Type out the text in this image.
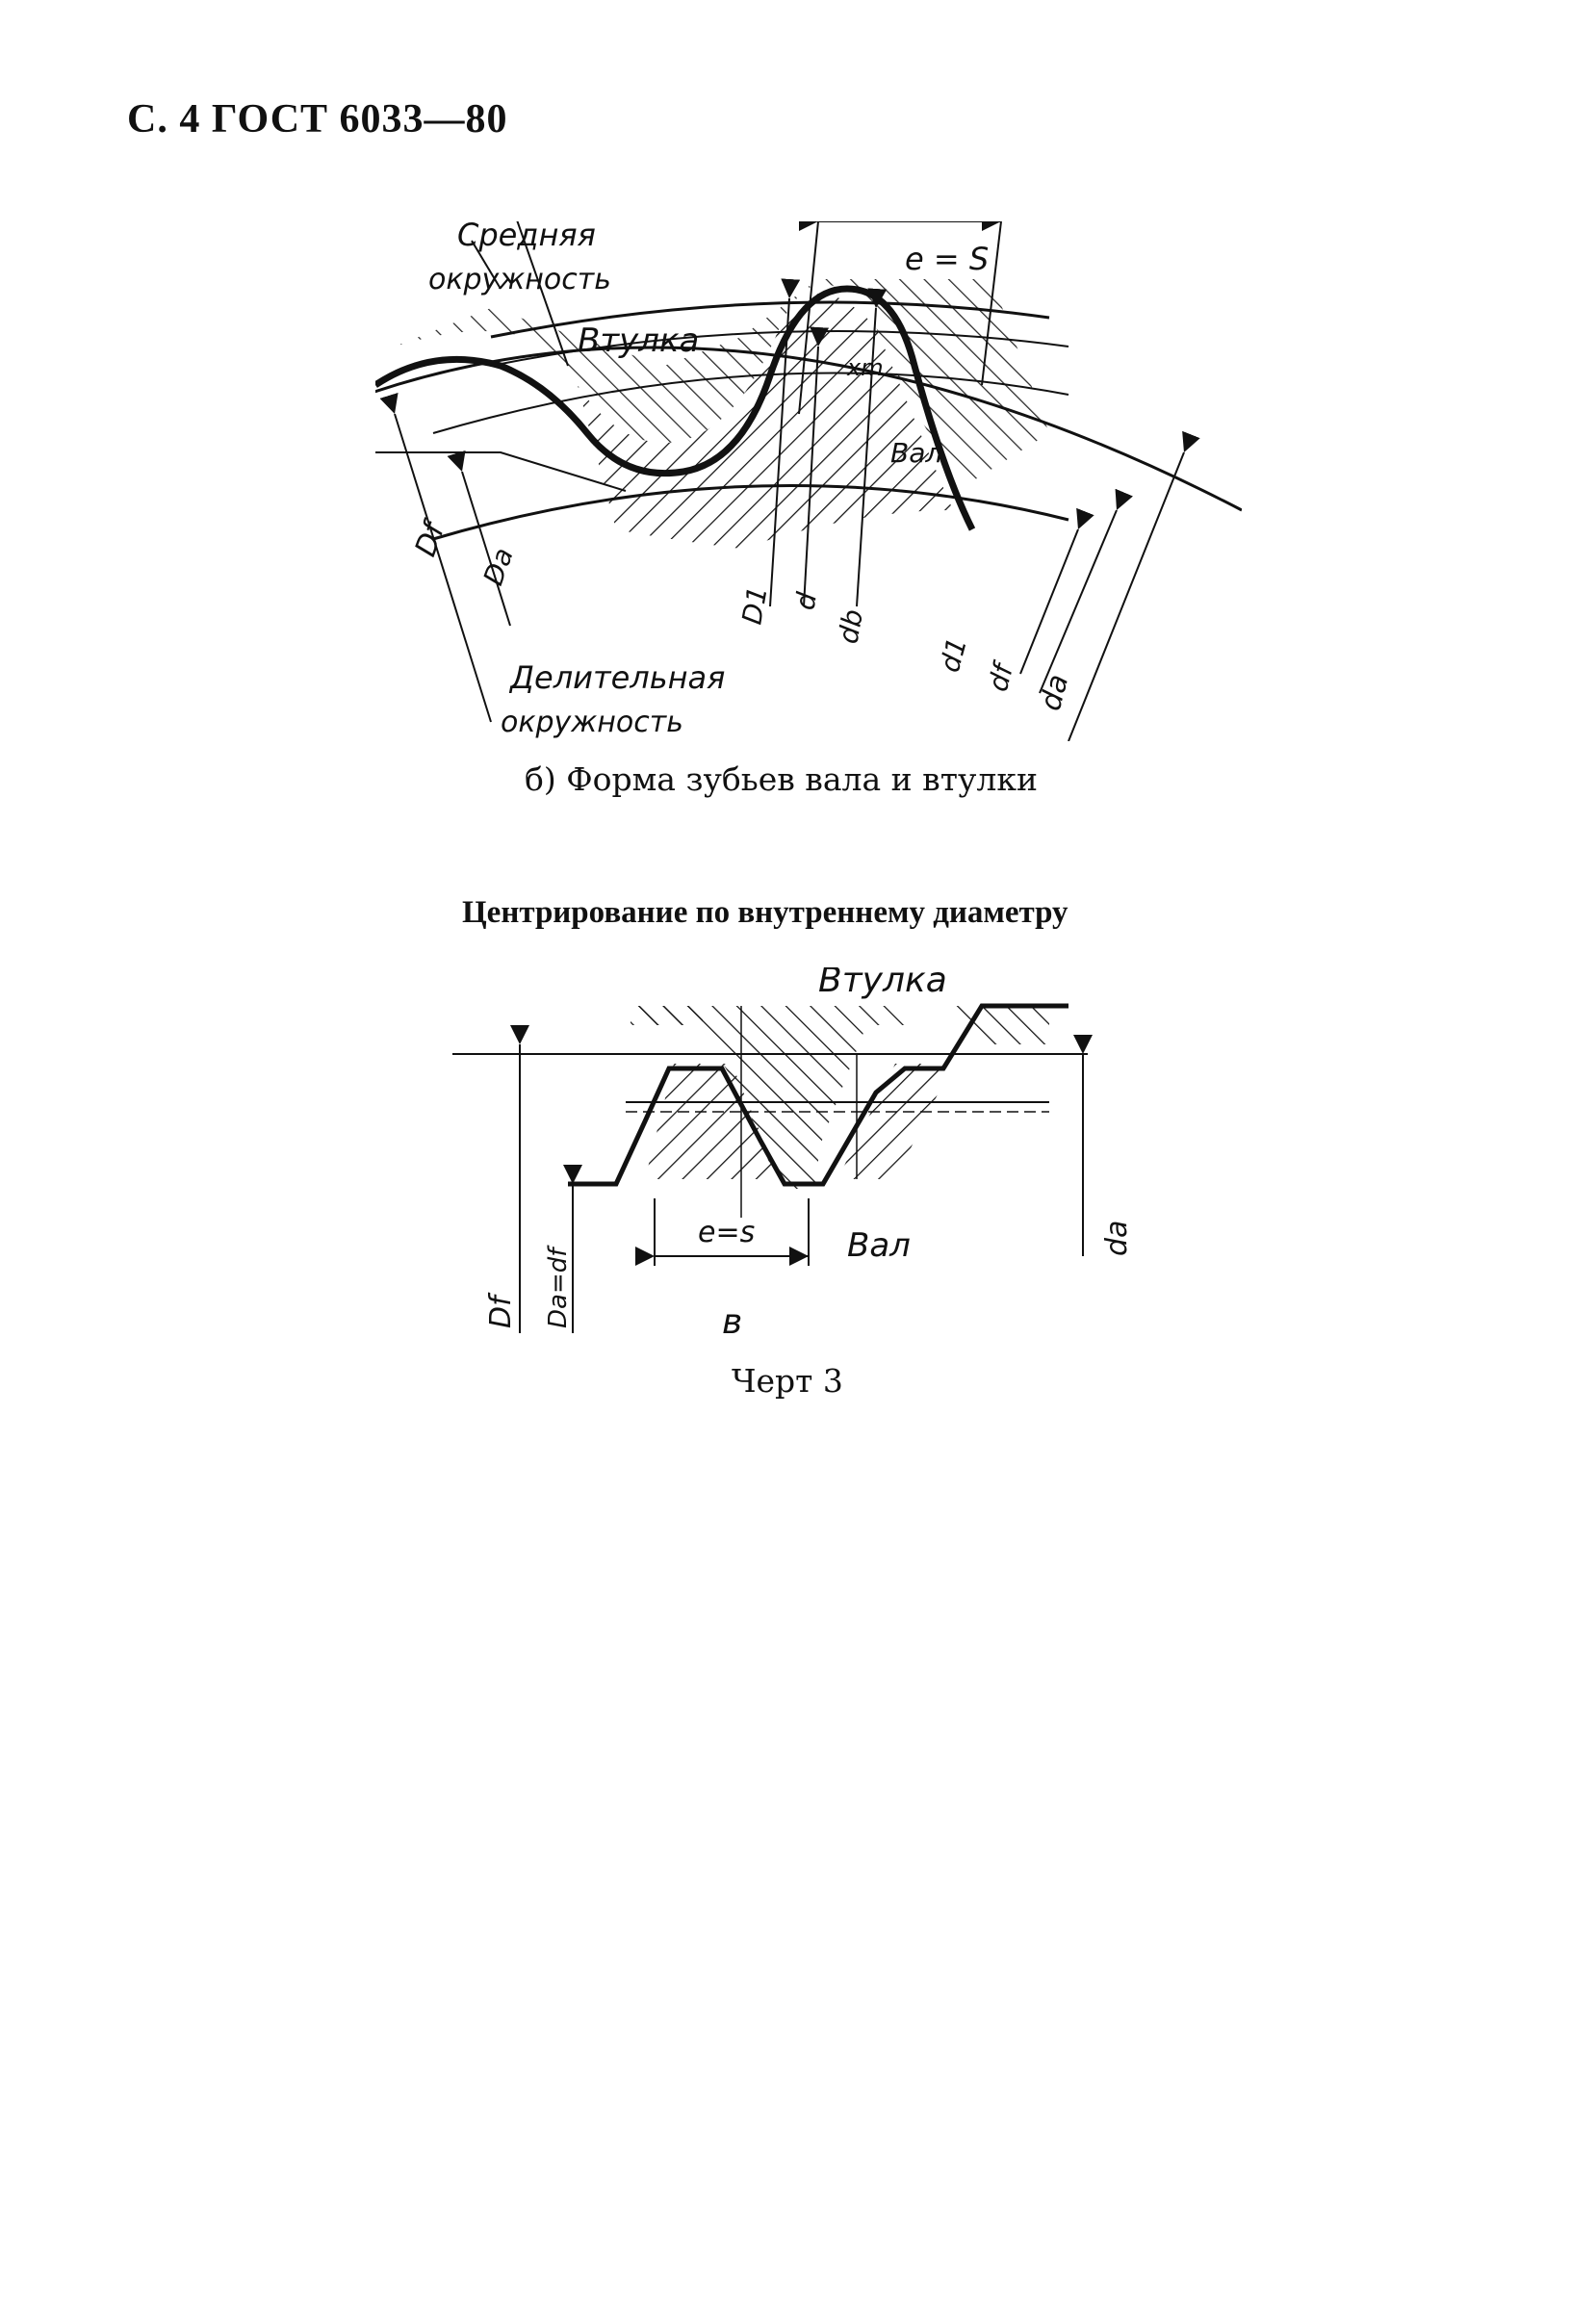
С. 4 ГОСТ 6033—80
Средняя
окружность
Втулка
Вал
e = S
xm
Делительная
окружность
Df
Da
D1 d
db
d1
df da
б) Форма зубьев вала и втулки
Центрирование по внутреннему диаметру
Втулка
Вал
e=s
Df Da=df
da
в
Черт 3
